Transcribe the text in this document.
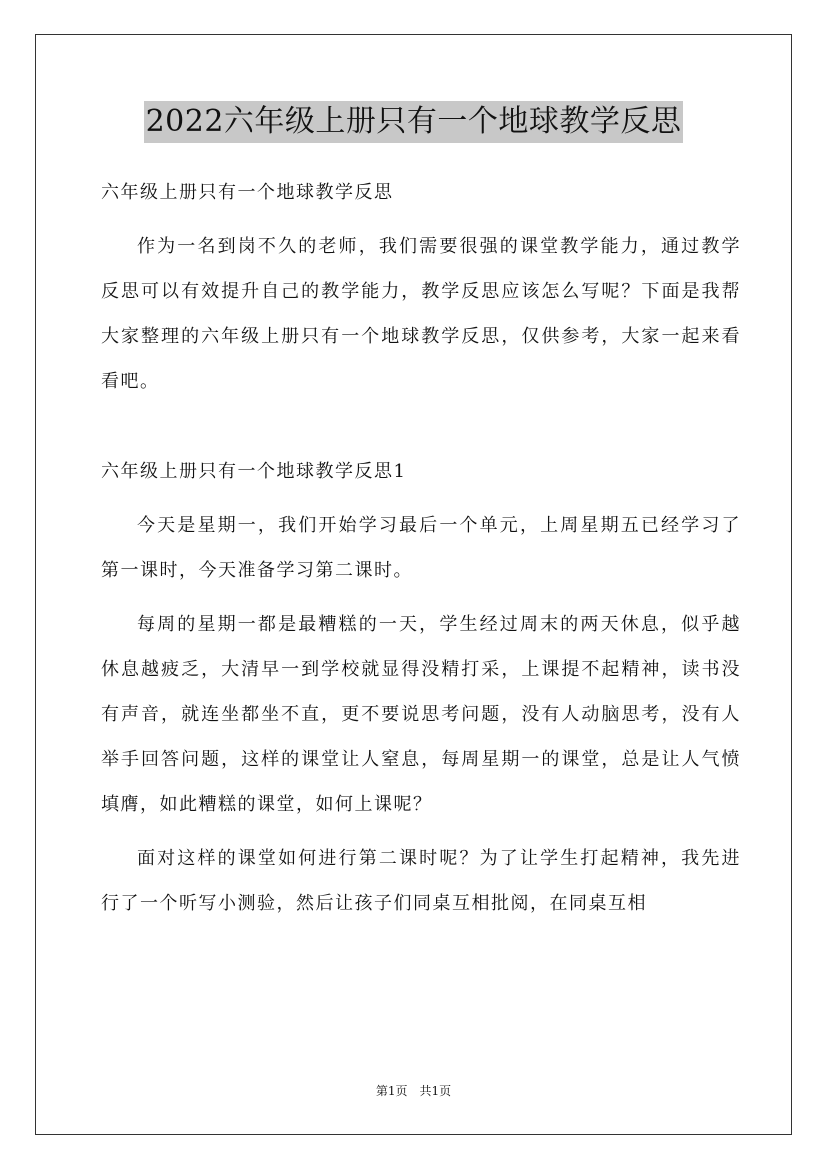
2022六年级上册只有一个地球教学反思

六年级上册只有一个地球教学反思

作为一名到岗不久的老师，我们需要很强的课堂教学能力，通过教学反思可以有效提升自己的教学能力，教学反思应该怎么写呢？下面是我帮大家整理的六年级上册只有一个地球教学反思，仅供参考，大家一起来看看吧。

六年级上册只有一个地球教学反思1

今天是星期一，我们开始学习最后一个单元，上周星期五已经学习了第一课时，今天准备学习第二课时。

每周的星期一都是最糟糕的一天，学生经过周末的两天休息，似乎越休息越疲乏，大清早一到学校就显得没精打采，上课提不起精神，读书没有声音，就连坐都坐不直，更不要说思考问题，没有人动脑思考，没有人举手回答问题，这样的课堂让人窒息，每周星期一的课堂，总是让人气愤填膺，如此糟糕的课堂，如何上课呢？

面对这样的课堂如何进行第二课时呢？为了让学生打起精神，我先进行了一个听写小测验，然后让孩子们同桌互相批阅，在同桌互相

第1页 共1页
